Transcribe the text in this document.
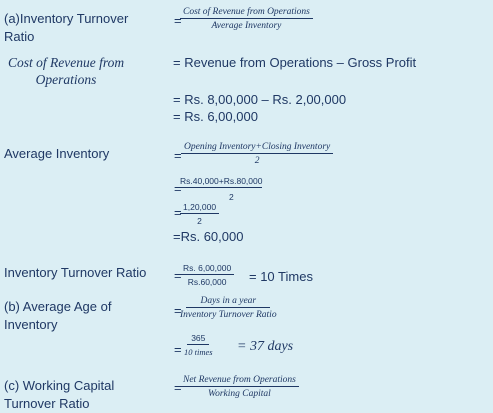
(a)Inventory Turnover
Ratio
=
Cost of Revenue from Operations
Average Inventory
Cost of Revenue from
Operations
= Revenue from Operations – Gross Profit
= Rs. 8,00,000 – Rs. 2,00,000
= Rs. 6,00,000
Average Inventory	=
Opening Inventory+Closing Inventory
2
=
Rs.40,000+Rs.80,000
2
=
$\frac{1,20,000}{2}$
=Rs. 60,000
Inventory Turnover Ratio =
$\frac{Rs. 6,00,000}{Rs.60,000} = 10$ Times
(b) Average Age of
Inventory
=
Days in a year
Inventory Turnover Ratio
=
365
10 times = 37 days
(c) Working Capital
Turnover Ratio
= Net Revenue from Operations
Working Capital
